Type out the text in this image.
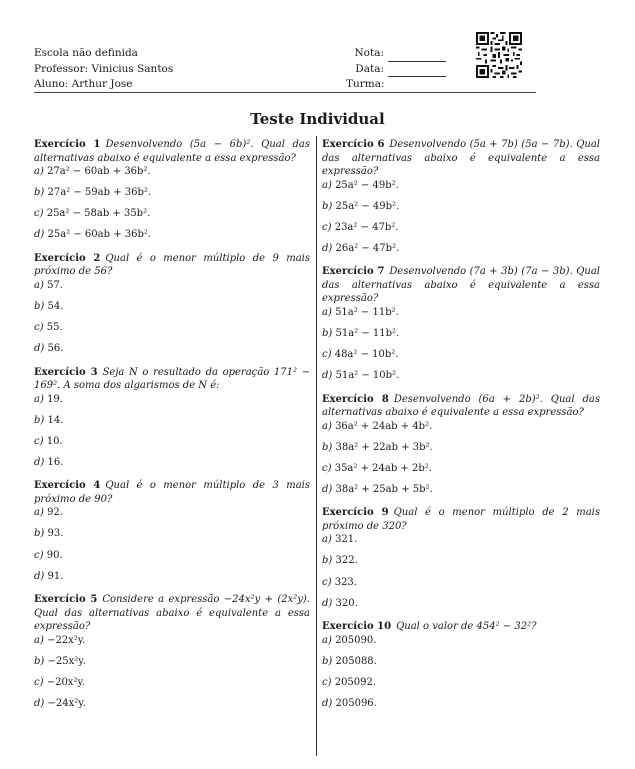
Escola não definida
Professor: Vinicius Santos
Aluno: Arthur Jose
Nota:
Data:
Turma:
Teste Individual
Exercício 1 Desenvolvendo (5a − 6b)². Qual das alternativas abaixo é equivalente a essa expressão?
a) 27a² − 60ab + 36b².
b) 27a² − 59ab + 36b².
c) 25a² − 58ab + 35b².
d) 25a² − 60ab + 36b².
Exercício 2 Qual é o menor múltiplo de 9 mais próximo de 56?
a) 57.
b) 54.
c) 55.
d) 56.
Exercício 3 Seja N o resultado da operação 171² − 169². A soma dos algarismos de N é:
a) 19.
b) 14.
c) 10.
d) 16.
Exercício 4 Qual é o menor múltiplo de 3 mais próximo de 90?
a) 92.
b) 93.
c) 90.
d) 91.
Exercício 5 Considere a expressão −24x²y + (2x²y). Qual das alternativas abaixo é equivalente a essa expressão?
a) −22x²y.
b) −25x²y.
c) −20x²y.
d) −24x²y.
Exercício 6 Desenvolvendo (5a + 7b) (5a − 7b). Qual das alternativas abaixo é equivalente a essa expressão?
a) 25a² − 49b².
b) 25a² − 49b².
c) 23a² − 47b².
d) 26a² − 47b².
Exercício 7 Desenvolvendo (7a + 3b) (7a − 3b). Qual das alternativas abaixo é equivalente a essa expressão?
a) 51a² − 11b².
b) 51a² − 11b².
c) 48a² − 10b².
d) 51a² − 10b².
Exercício 8 Desenvolvendo (6a + 2b)². Qual das alternativas abaixo é equivalente a essa expressão?
a) 36a² + 24ab + 4b².
b) 38a² + 22ab + 3b².
c) 35a² + 24ab + 2b².
d) 38a² + 25ab + 5b².
Exercício 9 Qual é o menor múltiplo de 2 mais próximo de 320?
a) 321.
b) 322.
c) 323.
d) 320.
Exercício 10 Qual o valor de 454² − 32²?
a) 205090.
b) 205088.
c) 205092.
d) 205096.
